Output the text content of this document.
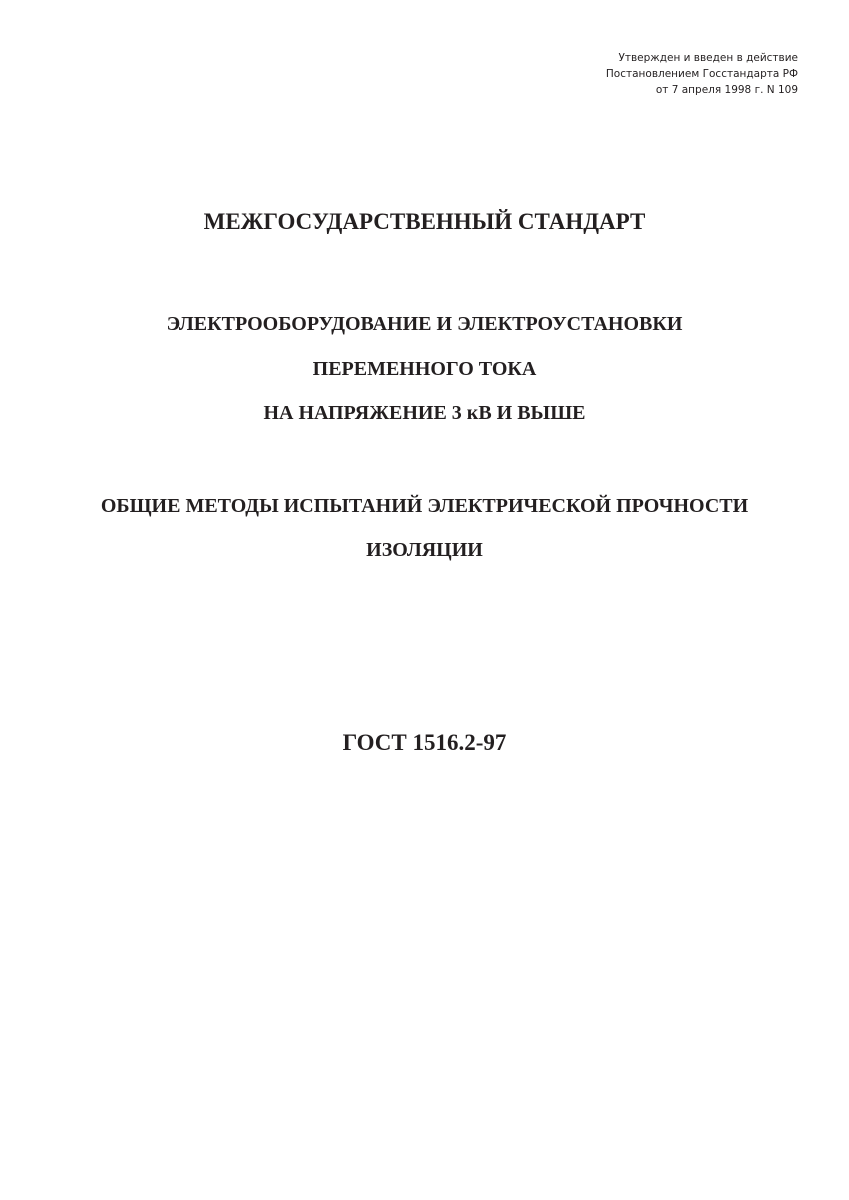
Утвержден и введен в действие
Постановлением Госстандарта РФ
от 7 апреля 1998 г. N 109
МЕЖГОСУДАРСТВЕННЫЙ СТАНДАРТ
ЭЛЕКТРООБОРУДОВАНИЕ И ЭЛЕКТРОУСТАНОВКИ
ПЕРЕМЕННОГО ТОКА
НА НАПРЯЖЕНИЕ 3 кВ И ВЫШЕ
ОБЩИЕ МЕТОДЫ ИСПЫТАНИЙ ЭЛЕКТРИЧЕСКОЙ ПРОЧНОСТИ
ИЗОЛЯЦИИ
ГОСТ 1516.2-97
